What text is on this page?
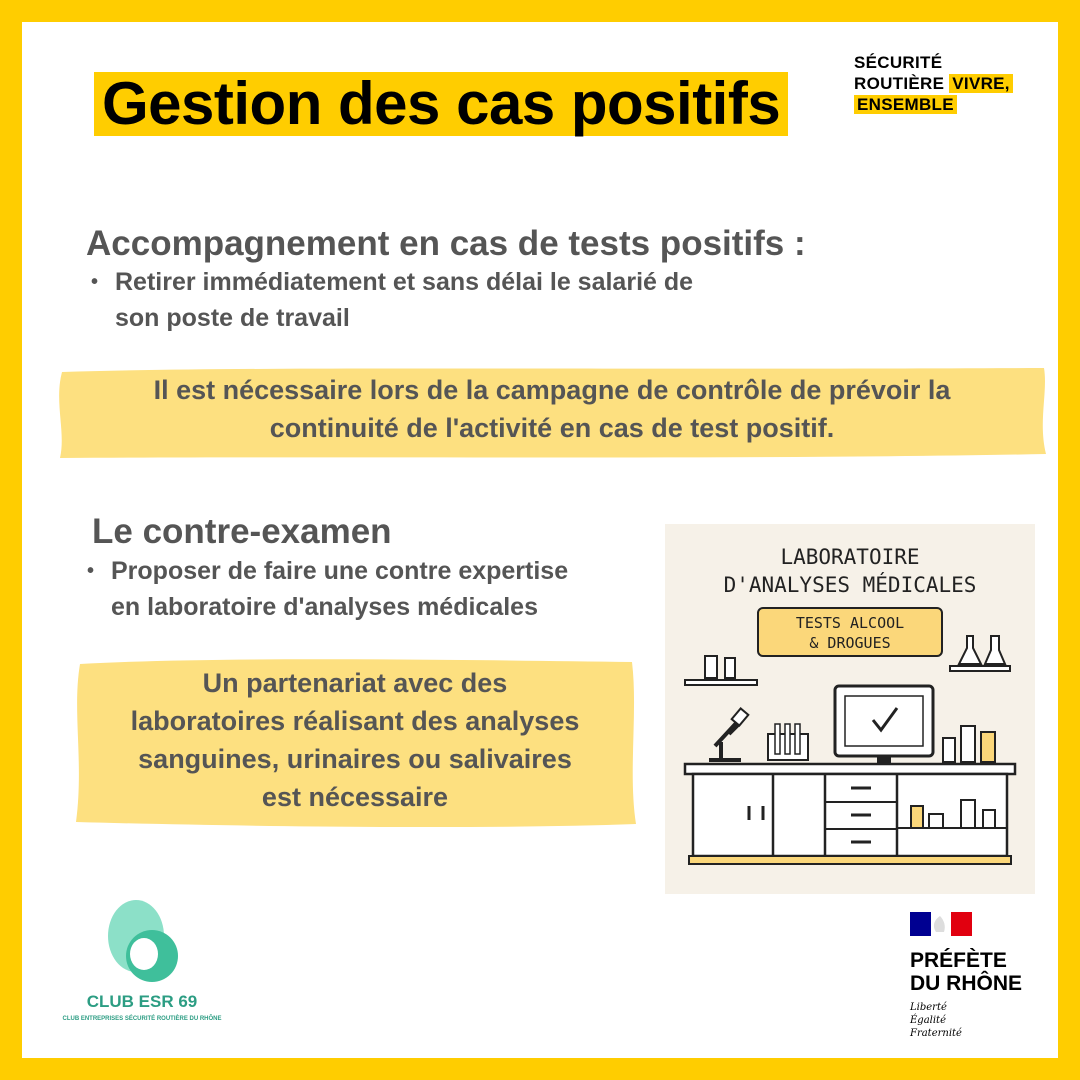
Gestion des cas positifs
SÉCURITÉ
ROUTIÈRE VIVRE,
ENSEMBLE
Accompagnement en cas de tests positifs :
• Retirer immédiatement et sans délai le salarié de
son poste de travail
Il est nécessaire lors de la campagne de contrôle de prévoir la
continuité de l'activité en cas de test positif.
Le contre-examen
• Proposer de faire une contre expertise
en laboratoire d'analyses médicales
Un partenariat avec des
laboratoires réalisant des analyses
sanguines, urinaires ou salivaires
est nécessaire
LABORATOIRE
D'ANALYSES MÉDICALES
TESTS ALCOOL
& DROGUES
CLUB ESR 69
CLUB ENTREPRISES SÉCURITÉ ROUTIÈRE DU RHÔNE
PRÉFÈTE
DU RHÔNE
Liberté
Égalité
Fraternité
